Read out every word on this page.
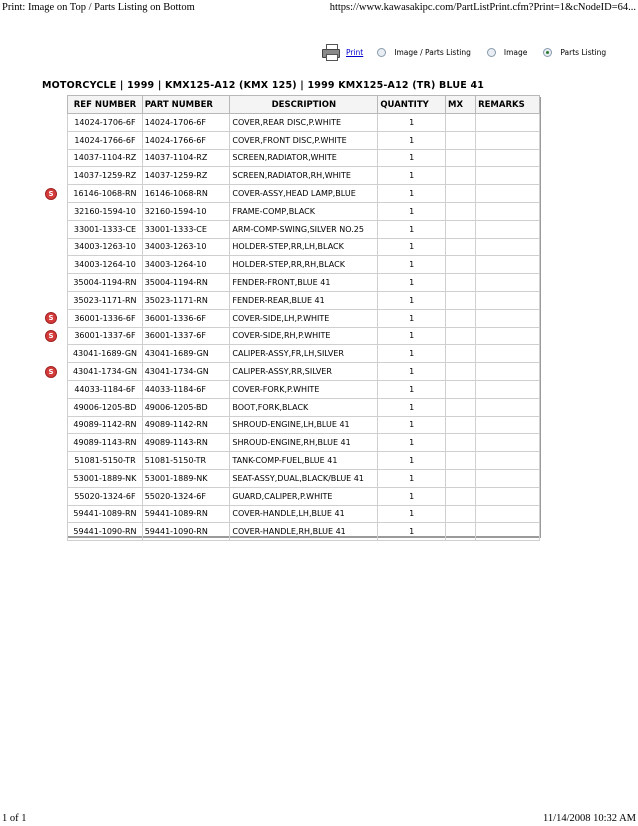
Print: Image on Top / Parts Listing on Bottom	https://www.kawasakipc.com/PartListPrint.cfm?Print=1&cNodeID=64...
Print	Image / Parts Listing	Image	Parts Listing
MOTORCYCLE | 1999 | KMX125-A12 (KMX 125) | 1999 KMX125-A12 (TR) BLUE 41
	REF NUMBER	PART NUMBER	DESCRIPTION	QUANTITY	MX	REMARKS
	14024-1706-6F	14024-1706-6F	COVER,REAR DISC,P.WHITE	1		
	14024-1766-6F	14024-1766-6F	COVER,FRONT DISC,P.WHITE	1		
	14037-1104-RZ	14037-1104-RZ	SCREEN,RADIATOR,WHITE	1		
	14037-1259-RZ	14037-1259-RZ	SCREEN,RADIATOR,RH,WHITE	1		
S	16146-1068-RN	16146-1068-RN	COVER-ASSY,HEAD LAMP,BLUE	1		
	32160-1594-10	32160-1594-10	FRAME-COMP,BLACK	1		
	33001-1333-CE	33001-1333-CE	ARM-COMP-SWING,SILVER NO.25	1		
	34003-1263-10	34003-1263-10	HOLDER-STEP,RR,LH,BLACK	1		
	34003-1264-10	34003-1264-10	HOLDER-STEP,RR,RH,BLACK	1		
	35004-1194-RN	35004-1194-RN	FENDER-FRONT,BLUE 41	1		
	35023-1171-RN	35023-1171-RN	FENDER-REAR,BLUE 41	1		
S	36001-1336-6F	36001-1336-6F	COVER-SIDE,LH,P.WHITE	1		
S	36001-1337-6F	36001-1337-6F	COVER-SIDE,RH,P.WHITE	1		
	43041-1689-GN	43041-1689-GN	CALIPER-ASSY,FR,LH,SILVER	1		
S	43041-1734-GN	43041-1734-GN	CALIPER-ASSY,RR,SILVER	1		
	44033-1184-6F	44033-1184-6F	COVER-FORK,P.WHITE	1		
	49006-1205-BD	49006-1205-BD	BOOT,FORK,BLACK	1		
	49089-1142-RN	49089-1142-RN	SHROUD-ENGINE,LH,BLUE 41	1		
	49089-1143-RN	49089-1143-RN	SHROUD-ENGINE,RH,BLUE 41	1		
	51081-5150-TR	51081-5150-TR	TANK-COMP-FUEL,BLUE 41	1		
	53001-1889-NK	53001-1889-NK	SEAT-ASSY,DUAL,BLACK/BLUE 41	1		
	55020-1324-6F	55020-1324-6F	GUARD,CALIPER,P.WHITE	1		
	59441-1089-RN	59441-1089-RN	COVER-HANDLE,LH,BLUE 41	1		
	59441-1090-RN	59441-1090-RN	COVER-HANDLE,RH,BLUE 41	1		
1 of 1	11/14/2008 10:32 AM
